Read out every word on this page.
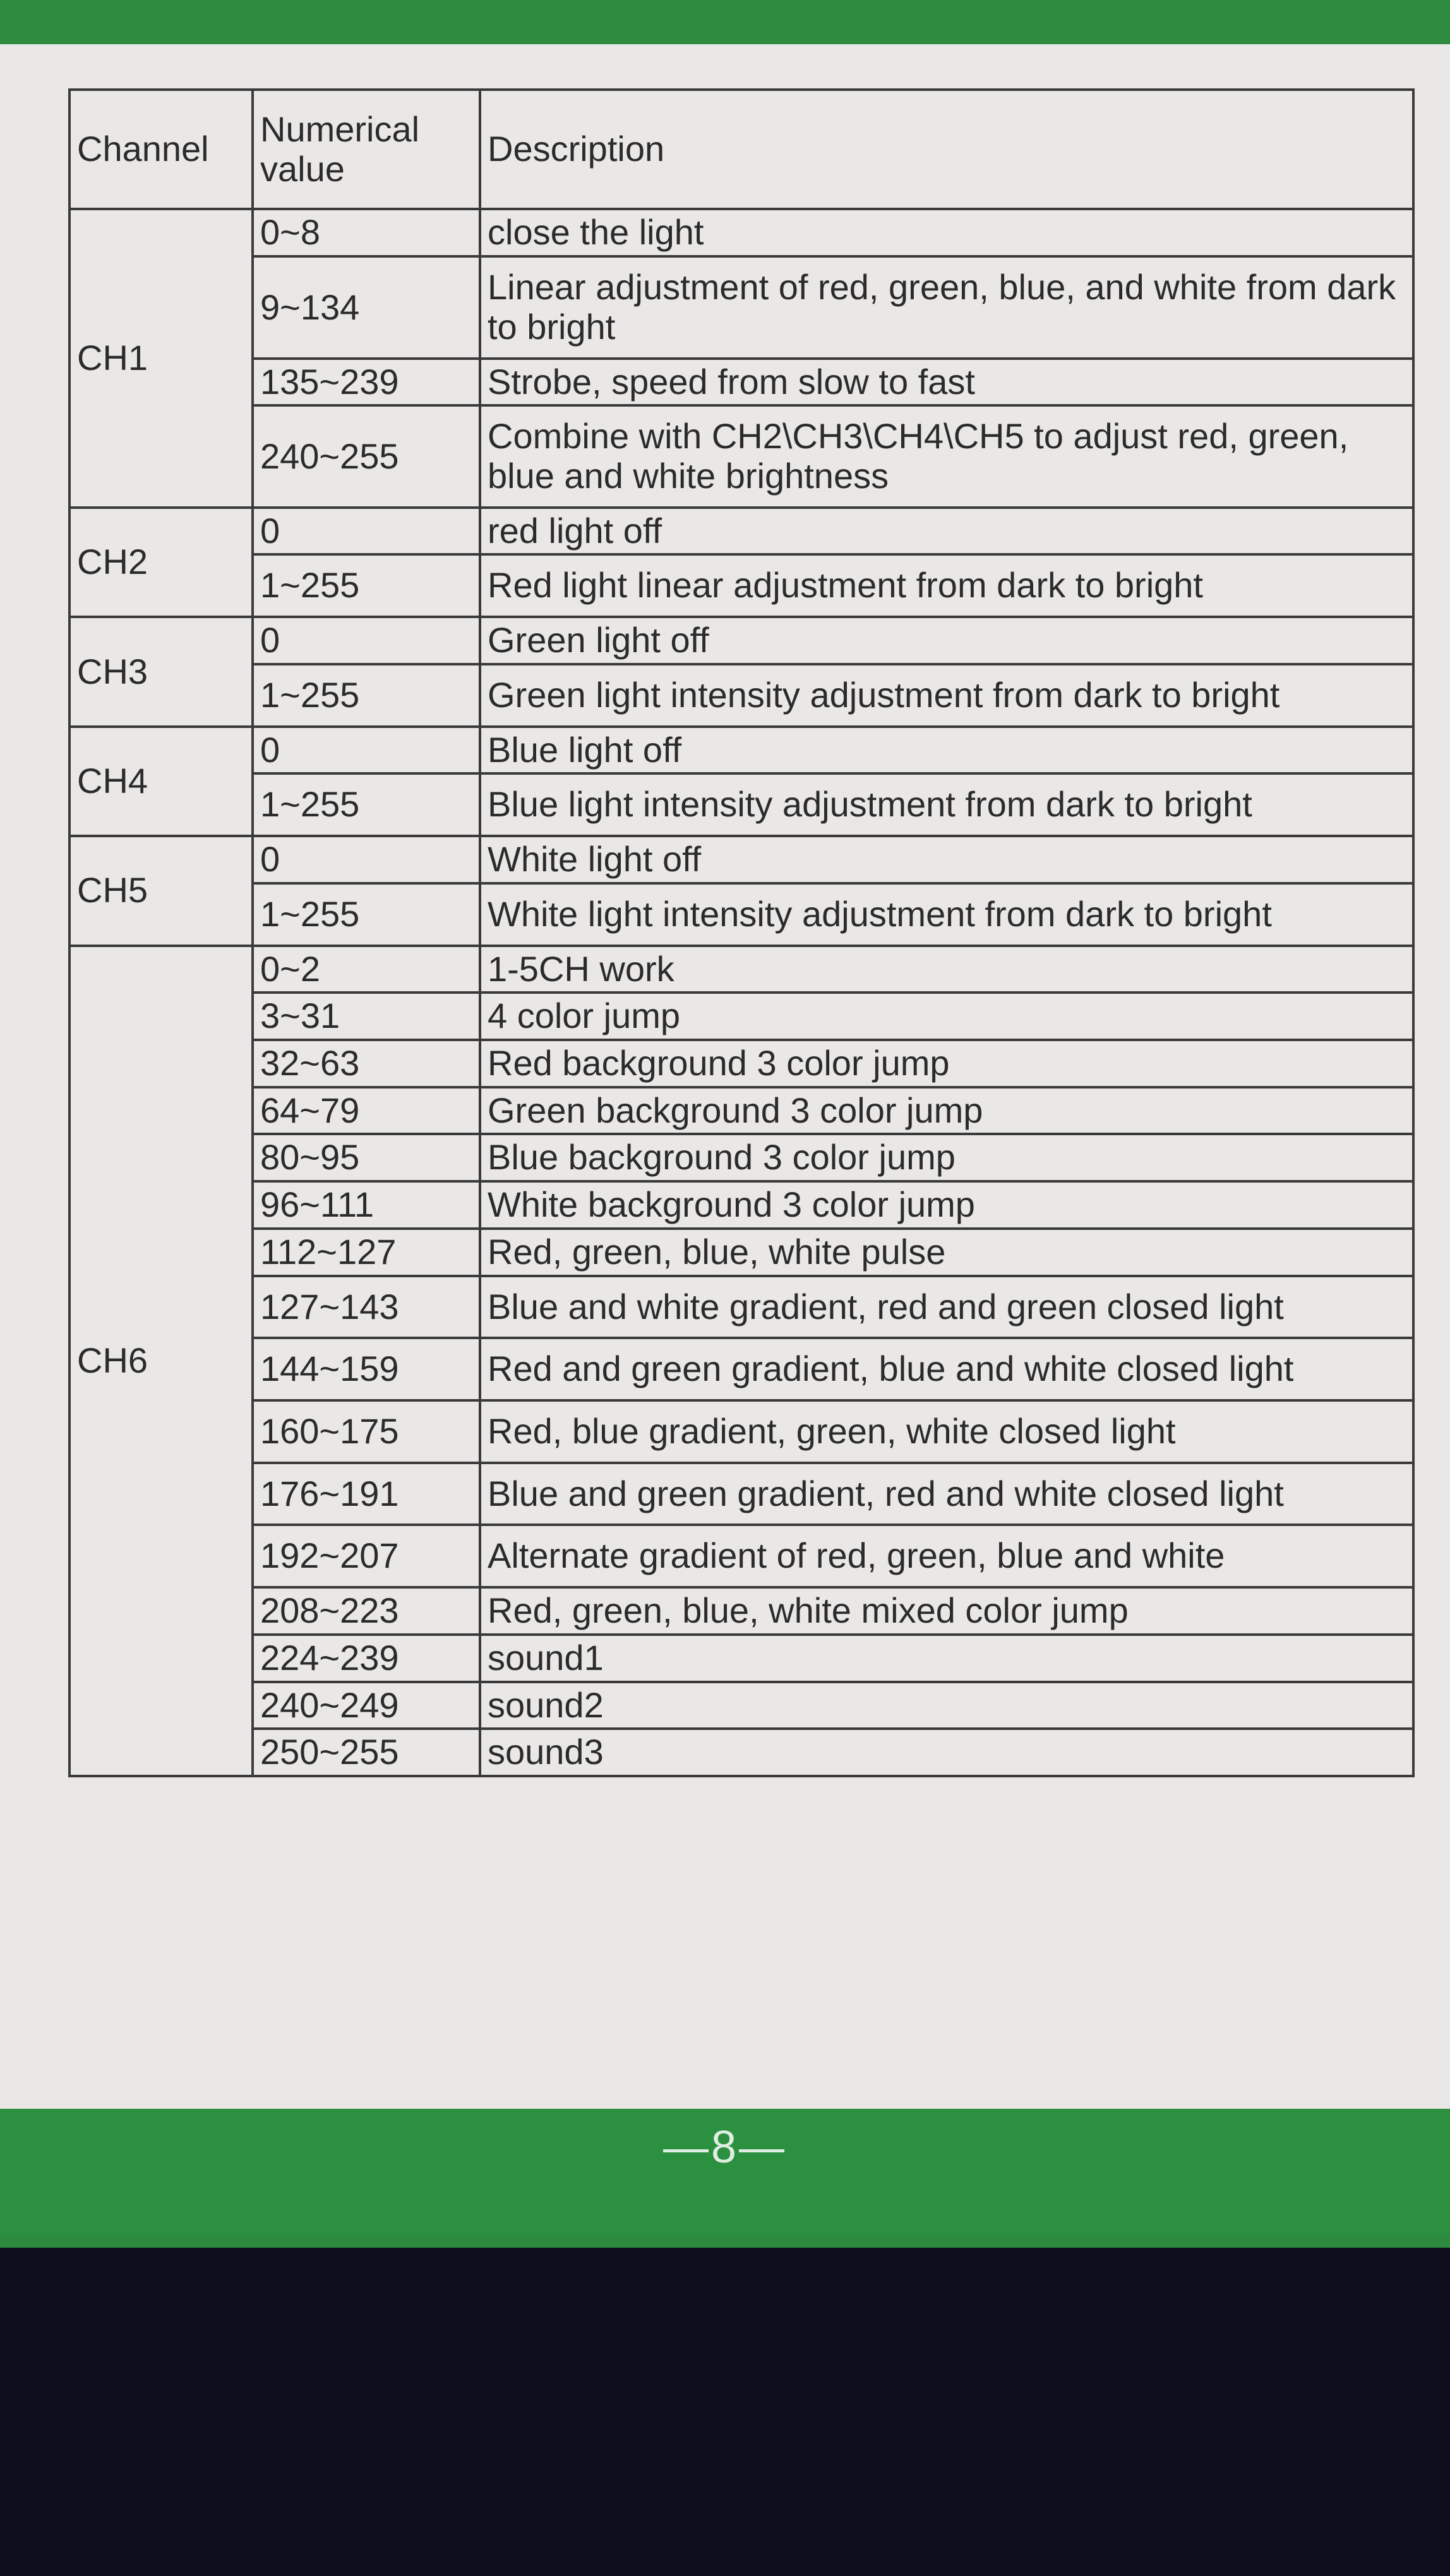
—8—
Channel	Numerical value	Description
CH1	0~8	close the light
	9~134	Linear adjustment of red, green, blue, and white from dark to bright
	135~239	Strobe, speed from slow to fast
	240~255	Combine with CH2\CH3\CH4\CH5 to adjust red, green, blue and white brightness
CH2	0	red light off
	1~255	Red light linear adjustment from dark to bright
CH3	0	Green light off
	1~255	Green light intensity adjustment from dark to bright
CH4	0	Blue light off
	1~255	Blue light intensity adjustment from dark to bright
CH5	0	White light off
	1~255	White light intensity adjustment from dark to bright
CH6	0~2	1-5CH work
	3~31	4 color jump
	32~63	Red background 3 color jump
	64~79	Green background 3 color jump
	80~95	Blue background 3 color jump
	96~111	White background 3 color jump
	112~127	Red, green, blue, white pulse
	127~143	Blue and white gradient, red and green closed light
	144~159	Red and green gradient, blue and white closed light
	160~175	Red, blue gradient, green, white closed light
	176~191	Blue and green gradient, red and white closed light
	192~207	Alternate gradient of red, green, blue and white
	208~223	Red, green, blue, white mixed color jump
	224~239	sound1
	240~249	sound2
	250~255	sound3
